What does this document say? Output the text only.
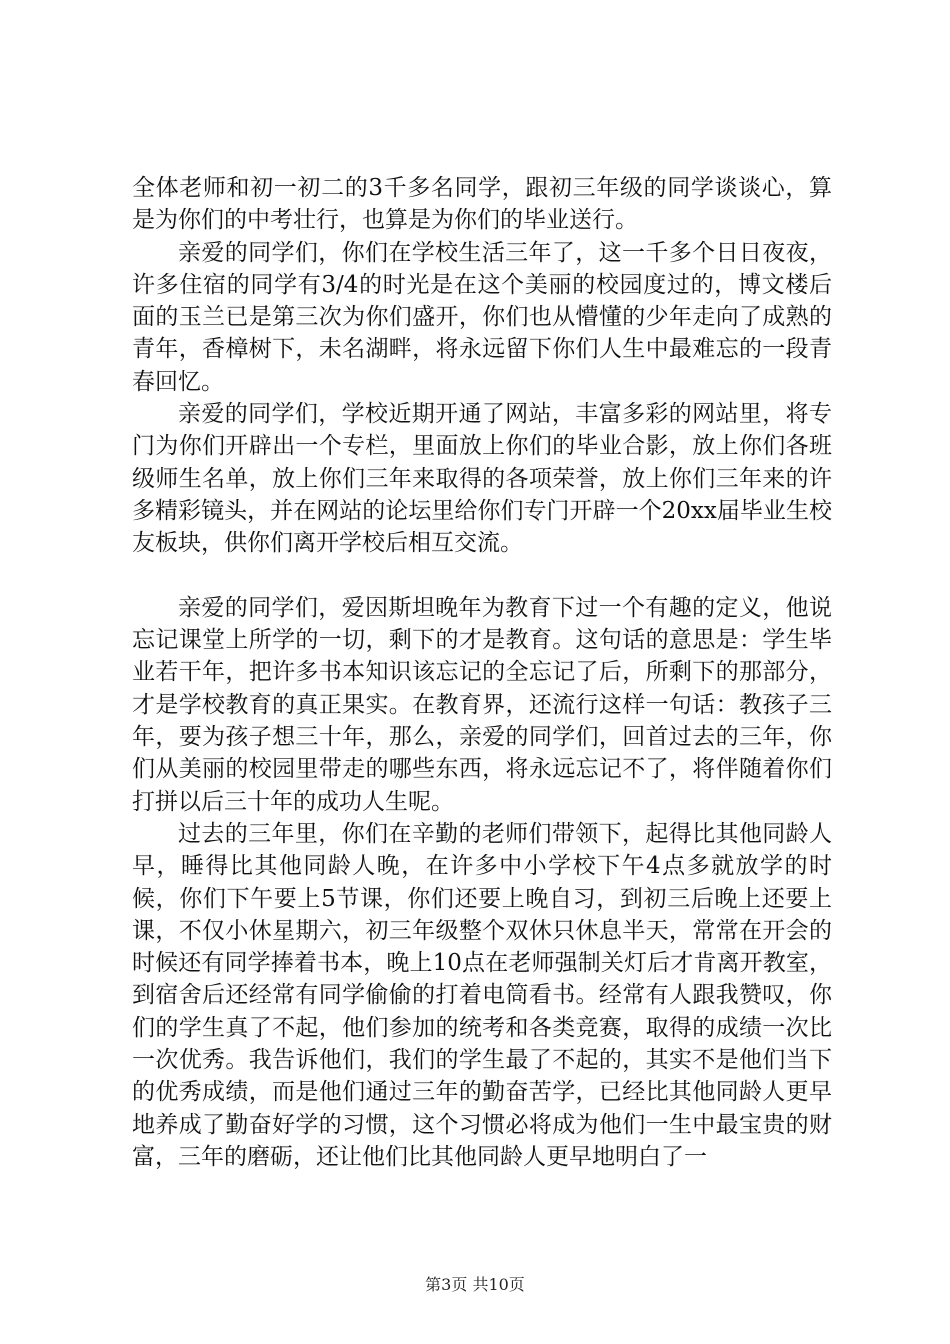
全体老师和初一初二的3千多名同学，跟初三年级的同学谈谈心，算是为你们的中考壮行，也算是为你们的毕业送行。

亲爱的同学们，你们在学校生活三年了，这一千多个日日夜夜，许多住宿的同学有3/4的时光是在这个美丽的校园度过的，博文楼后面的玉兰已是第三次为你们盛开，你们也从懵懂的少年走向了成熟的青年，香樟树下，未名湖畔，将永远留下你们人生中最难忘的一段青春回忆。

亲爱的同学们，学校近期开通了网站，丰富多彩的网站里，将专门为你们开辟出一个专栏，里面放上你们的毕业合影，放上你们各班级师生名单，放上你们三年来取得的各项荣誉，放上你们三年来的许多精彩镜头，并在网站的论坛里给你们专门开辟一个20xx届毕业生校友板块，供你们离开学校后相互交流。

亲爱的同学们，爱因斯坦晚年为教育下过一个有趣的定义，他说忘记课堂上所学的一切，剩下的才是教育。这句话的意思是：学生毕业若干年，把许多书本知识该忘记的全忘记了后，所剩下的那部分，才是学校教育的真正果实。在教育界，还流行这样一句话：教孩子三年，要为孩子想三十年，那么，亲爱的同学们，回首过去的三年，你们从美丽的校园里带走的哪些东西，将永远忘记不了，将伴随着你们打拼以后三十年的成功人生呢。

过去的三年里，你们在辛勤的老师们带领下，起得比其他同龄人早，睡得比其他同龄人晚，在许多中小学校下午4点多就放学的时候，你们下午要上5节课，你们还要上晚自习，到初三后晚上还要上课，不仅小休星期六，初三年级整个双休只休息半天，常常在开会的时候还有同学捧着书本，晚上10点在老师强制关灯后才肯离开教室，到宿舍后还经常有同学偷偷的打着电筒看书。经常有人跟我赞叹，你们的学生真了不起，他们参加的统考和各类竞赛，取得的成绩一次比一次优秀。我告诉他们，我们的学生最了不起的，其实不是他们当下的优秀成绩，而是他们通过三年的勤奋苦学，已经比其他同龄人更早地养成了勤奋好学的习惯，这个习惯必将成为他们一生中最宝贵的财富，三年的磨砺，还让他们比其他同龄人更早地明白了一

第3页 共10页
